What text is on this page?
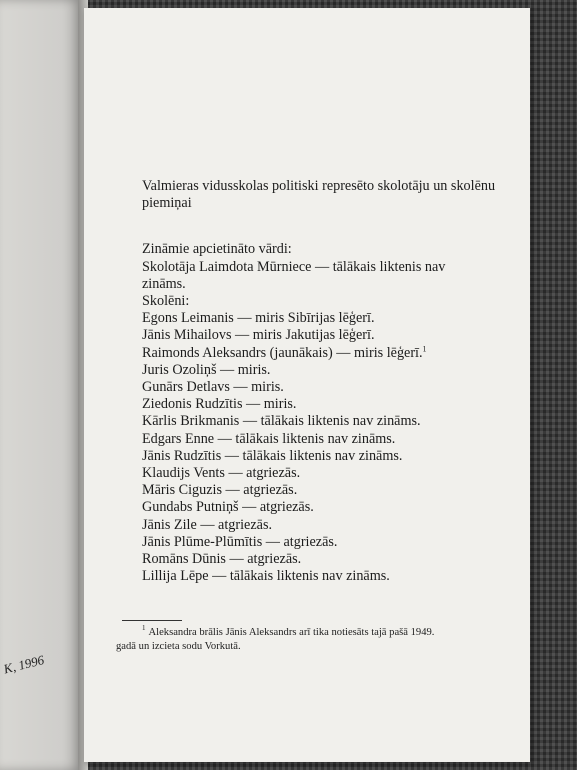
K, 1996

Valmieras vidusskolas politiski represēto skolotāju un skolēnu piemiņai

Zināmie apcietināto vārdi:
Skolotāja Laimdota Mūrniece — tālākais liktenis nav
zināms.
Skolēni:
Egons Leimanis — miris Sibīrijas lēģerī.
Jānis Mihailovs — miris Jakutijas lēģerī.
Raimonds Aleksandrs (jaunākais) — miris lēģerī.$^1$
Juris Ozoliņš — miris.
Gunārs Detlavs — miris.
Ziedonis Rudzītis — miris.
Kārlis Brikmanis — tālākais liktenis nav zināms.
Edgars Enne — tālākais liktenis nav zināms.
Jānis Rudzītis — tālākais liktenis nav zināms.
Klaudijs Vents — atgriezās.
Māris Ciguzis — atgriezās.
Gundabs Putniņš — atgriezās.
Jānis Zile — atgriezās.
Jānis Plūme-Plūmītis — atgriezās.
Romāns Dūnis — atgriezās.
Lillija Lēpe — tālākais liktenis nav zināms.
$^1$ Aleksandra brālis Jānis Aleksandrs arī tika notiesāts tajā pašā 1949.
gadā un izcieta sodu Vorkutā.
